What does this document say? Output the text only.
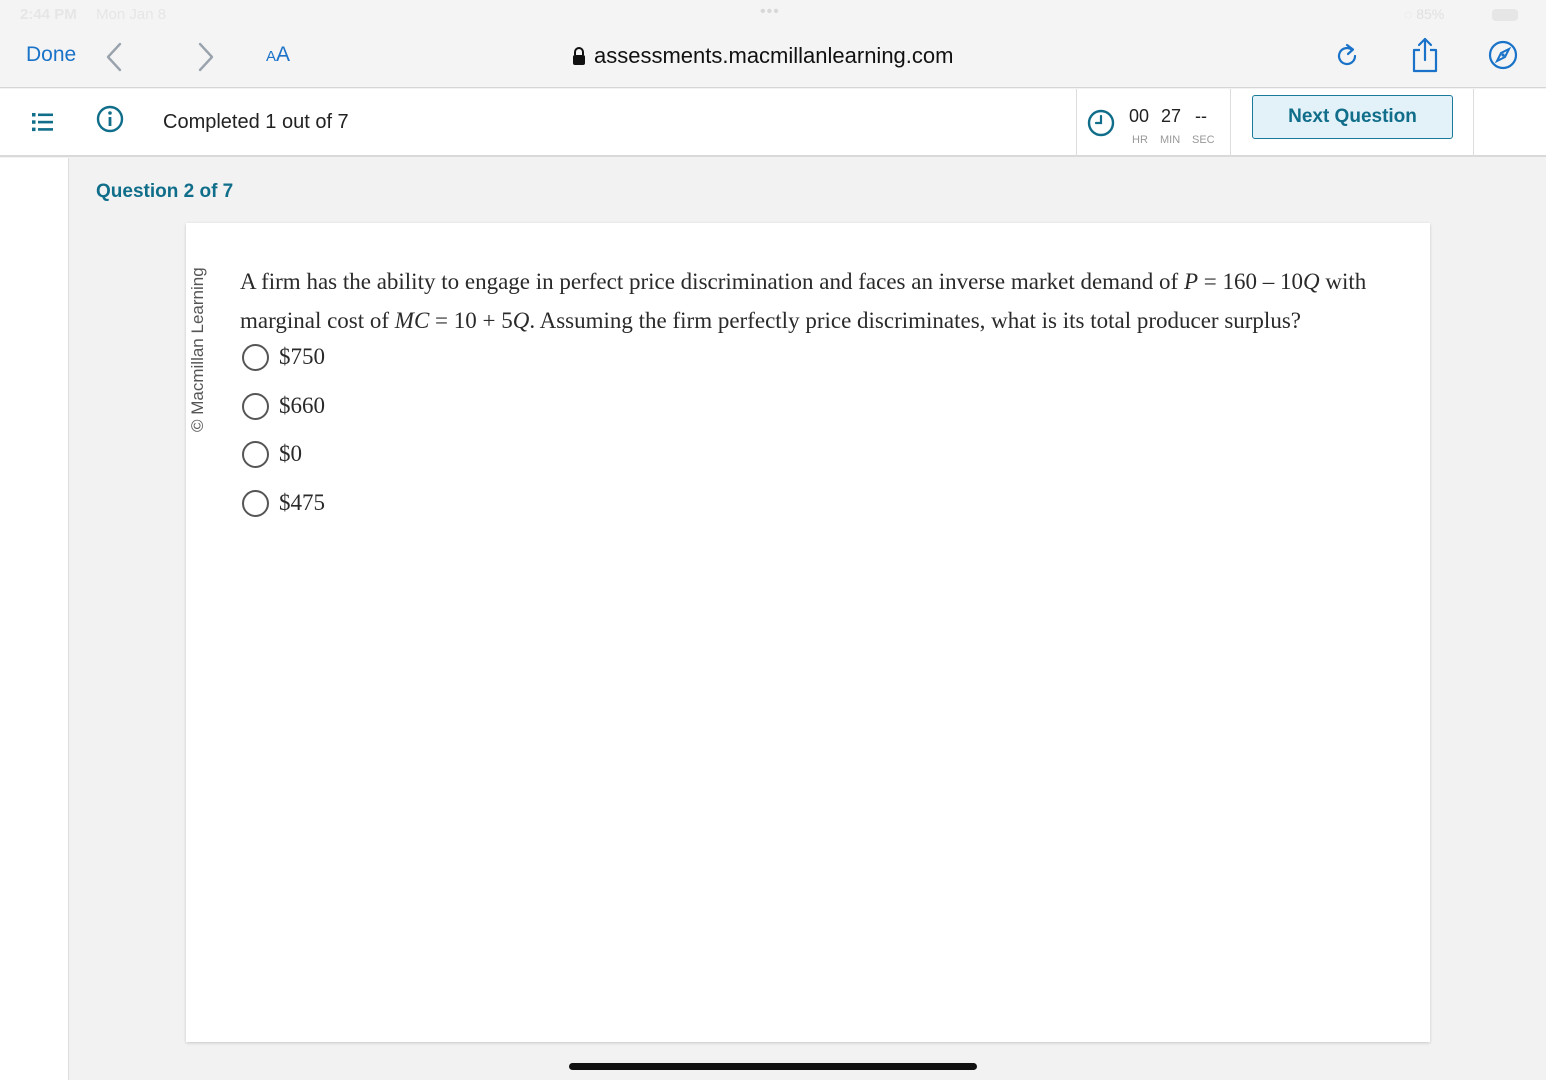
2:44 PM Mon Jan 8	•••	◌ 85%
Done	AA	assessments.macmillanlearning.com
Completed 1 out of 7	00 27 --
HR MIN SEC
Next Question
Question 2 of 7
© Macmillan Learning A firm has the ability to engage in perfect price discrimination and faces an inverse market demand of P = 160 – 10Q with marginal cost of MC = 10 + 5Q. Assuming the firm perfectly price discriminates, what is its total producer surplus?
$750
$660
$0
$475
